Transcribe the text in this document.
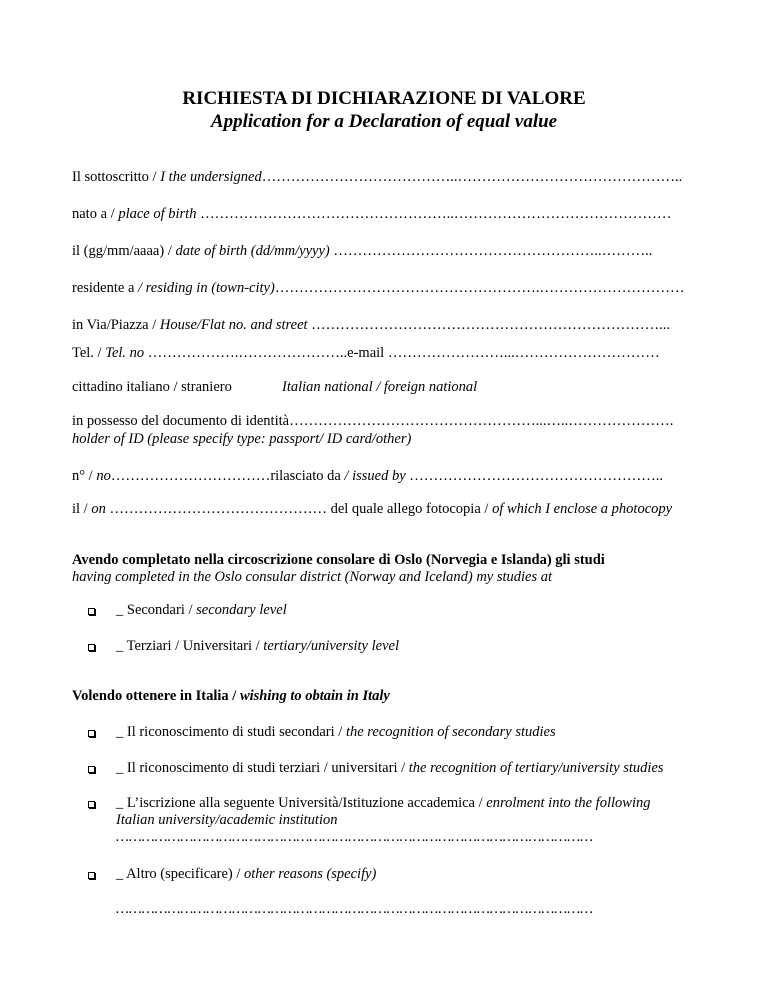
RICHIESTA DI DICHIARAZIONE DI VALORE
Application for a Declaration of equal value
Il sottoscritto / I the undersigned…………………………………..………………………………………..
nato a / place of birth ……………………………………………..………………………………………
il (gg/mm/aaaa) / date of birth (dd/mm/yyyy) ………………………………………………..………..
residente a / residing in (town-city)……………………………………………….…………………………
in Via/Piazza / House/Flat no. and street ………………………………………………………………...
Tel. / Tel. no ……………….…………………..e-mail ……………………...…………………………
cittadino italiano / straniero	Italian national / foreign national
in possesso del documento di identità……………………………………………...…..………………….
holder of ID (please specify type: passport/ ID card/other)
n° / no……………………………rilasciato da / issued by ……………………………………………..
il / on ……………………………………… del quale allego fotocopia / of which I enclose a photocopy
Avendo completato nella circoscrizione consolare di Oslo (Norvegia e Islanda) gli studi
having completed in the Oslo consular district (Norway and Iceland) my studies at
_ Secondari / secondary level
_ Terziari / Universitari / tertiary/university level
Volendo ottenere in Italia / wishing to obtain in Italy
_ Il riconoscimento di studi secondari / the recognition of secondary studies
_ Il riconoscimento di studi terziari / universitari / the recognition of tertiary/university studies
_ L’iscrizione alla seguente Università/Istituzione accademica / enrolment into the following
Italian university/academic institution
…………………………………………………………………………………………………
_ Altro (specificare) / other reasons (specify)
…………………………………………………………………………………………………
